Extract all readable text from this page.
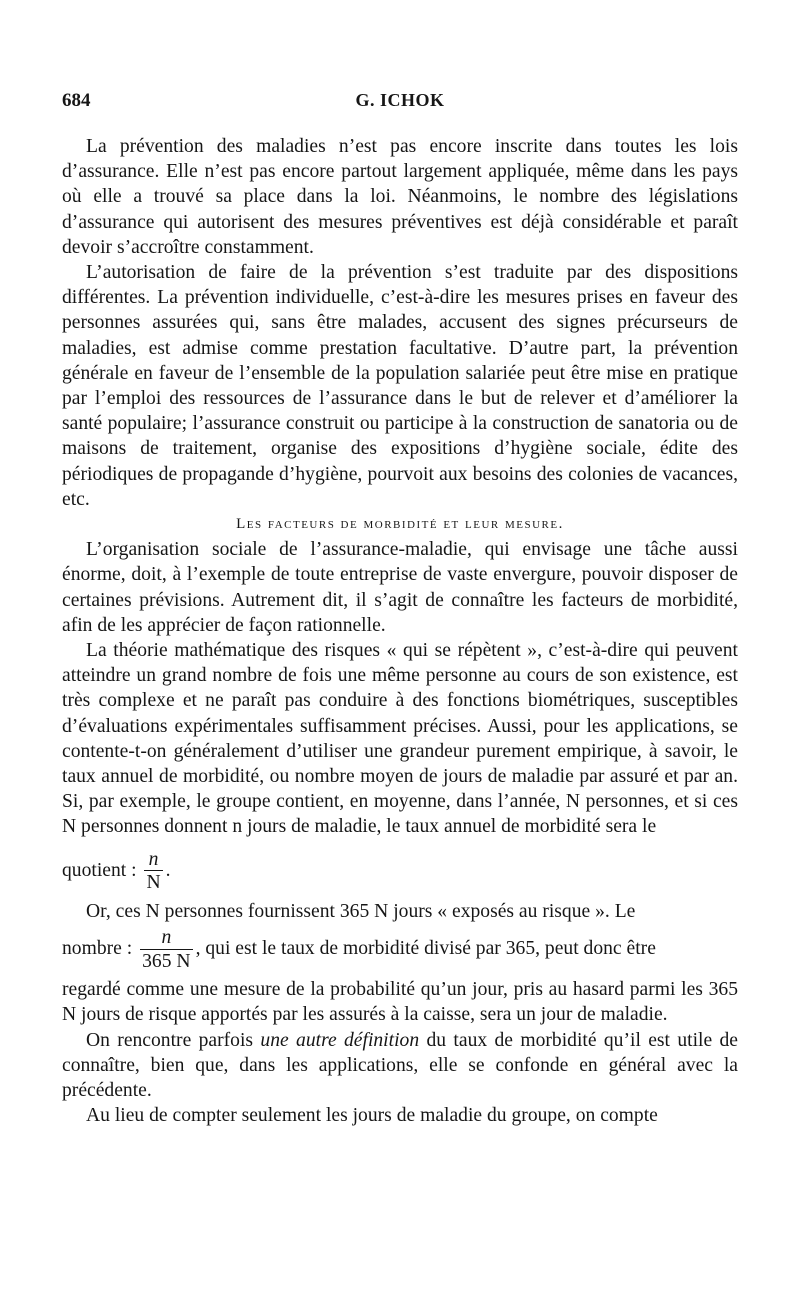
684	G. ICHOK

La prévention des maladies n’est pas encore inscrite dans toutes les lois d’assurance. Elle n’est pas encore partout largement appliquée, même dans les pays où elle a trouvé sa place dans la loi. Néanmoins, le nombre des législations d’assurance qui autorisent des mesures préventives est déjà considérable et paraît devoir s’accroître constamment.

L’autorisation de faire de la prévention s’est traduite par des dispositions différentes. La prévention individuelle, c’est-à-dire les mesures prises en faveur des personnes assurées qui, sans être malades, accusent des signes précurseurs de maladies, est admise comme prestation facultative. D’autre part, la prévention générale en faveur de l’ensemble de la population salariée peut être mise en pratique par l’emploi des ressources de l’assurance dans le but de relever et d’améliorer la santé populaire; l’assurance construit ou participe à la construction de sanatoria ou de maisons de traitement, organise des expositions d’hygiène sociale, édite des périodiques de propagande d’hygiène, pourvoit aux besoins des colonies de vacances, etc.

Les facteurs de morbidité et leur mesure.

L’organisation sociale de l’assurance-maladie, qui envisage une tâche aussi énorme, doit, à l’exemple de toute entreprise de vaste envergure, pouvoir disposer de certaines prévisions. Autrement dit, il s’agit de connaître les facteurs de morbidité, afin de les apprécier de façon rationnelle.

La théorie mathématique des risques « qui se répètent », c’est-à-dire qui peuvent atteindre un grand nombre de fois une même personne au cours de son existence, est très complexe et ne paraît pas conduire à des fonctions biométriques, susceptibles d’évaluations expérimentales suffisamment précises. Aussi, pour les applications, se contente-t-on généralement d’utiliser une grandeur purement empirique, à savoir, le taux annuel de morbidité, ou nombre moyen de jours de maladie par assuré et par an. Si, par exemple, le groupe contient, en moyenne, dans l’année, N personnes, et si ces N personnes donnent n jours de maladie, le taux annuel de morbidité sera le

quotient : $\frac{n}{N}$ .

Or, ces N personnes fournissent 365 N jours « exposés au risque ». Le

nombre : $\frac{n}{365 N}$ , qui est le taux de morbidité divisé par 365, peut donc être

regardé comme une mesure de la probabilité qu’un jour, pris au hasard parmi les 365 N jours de risque apportés par les assurés à la caisse, sera un jour de maladie.

On rencontre parfois une autre définition du taux de morbidité qu’il est utile de connaître, bien que, dans les applications, elle se confonde en général avec la précédente.

Au lieu de compter seulement les jours de maladie du groupe, on compte
